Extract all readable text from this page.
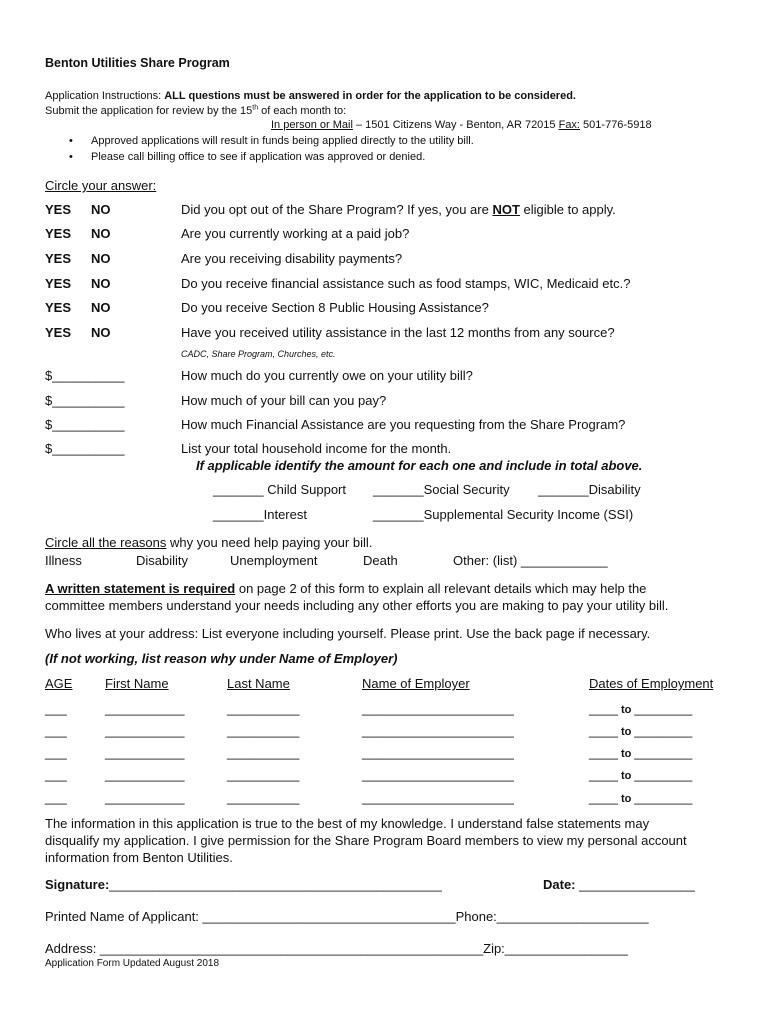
Benton Utilities Share Program
Application Instructions: ALL questions must be answered in order for the application to be considered.
Submit the application for review by the 15th of each month to:
In person or Mail – 1501 Citizens Way - Benton, AR 72015 Fax: 501-776-5918
• Approved applications will result in funds being applied directly to the utility bill.
• Please call billing office to see if application was approved or denied.
Circle your answer:
YES NO	Did you opt out of the Share Program? If yes, you are NOT eligible to apply.
YES NO	Are you currently working at a paid job?
YES NO	Are you receiving disability payments?
YES NO	Do you receive financial assistance such as food stamps, WIC, Medicaid etc.?
YES NO	Do you receive Section 8 Public Housing Assistance?
YES NO	Have you received utility assistance in the last 12 months from any source?
CADC, Share Program, Churches, etc.
$__________	How much do you currently owe on your utility bill?
$__________	How much of your bill can you pay?
$__________	How much Financial Assistance are you requesting from the Share Program?
$__________	List your total household income for the month.
If applicable identify the amount for each one and include in total above.
_______ Child Support _______Social Security _______Disability
_______Interest	_______Supplemental Security Income (SSI)
Circle all the reasons why you need help paying your bill.
Illness	Disability	Unemployment	Death	Other: (list) ____________
A written statement is required on page 2 of this form to explain all relevant details which may help the
committee members understand your needs including any other efforts you are making to pay your utility bill.
Who lives at your address: List everyone including yourself. Please print. Use the back page if necessary.
(If not working, list reason why under Name of Employer)
AGE	First Name	Last Name	Name of Employer	Dates of Employment
___	___________	__________	_____________________	____ to ________
___	___________	__________	_____________________	____ to ________
___	___________	__________	_____________________	____ to ________
___	___________	__________	_____________________	____ to ________
___	___________	__________	_____________________	____ to ________
The information in this application is true to the best of my knowledge. I understand false statements may
disqualify my application. I give permission for the Share Program Board members to view my personal account
information from Benton Utilities.
Signature:______________________________________________	Date: ________________
Printed Name of Applicant: ___________________________________Phone:_____________________
Address: _____________________________________________________Zip:_________________
Application Form Updated August 2018
